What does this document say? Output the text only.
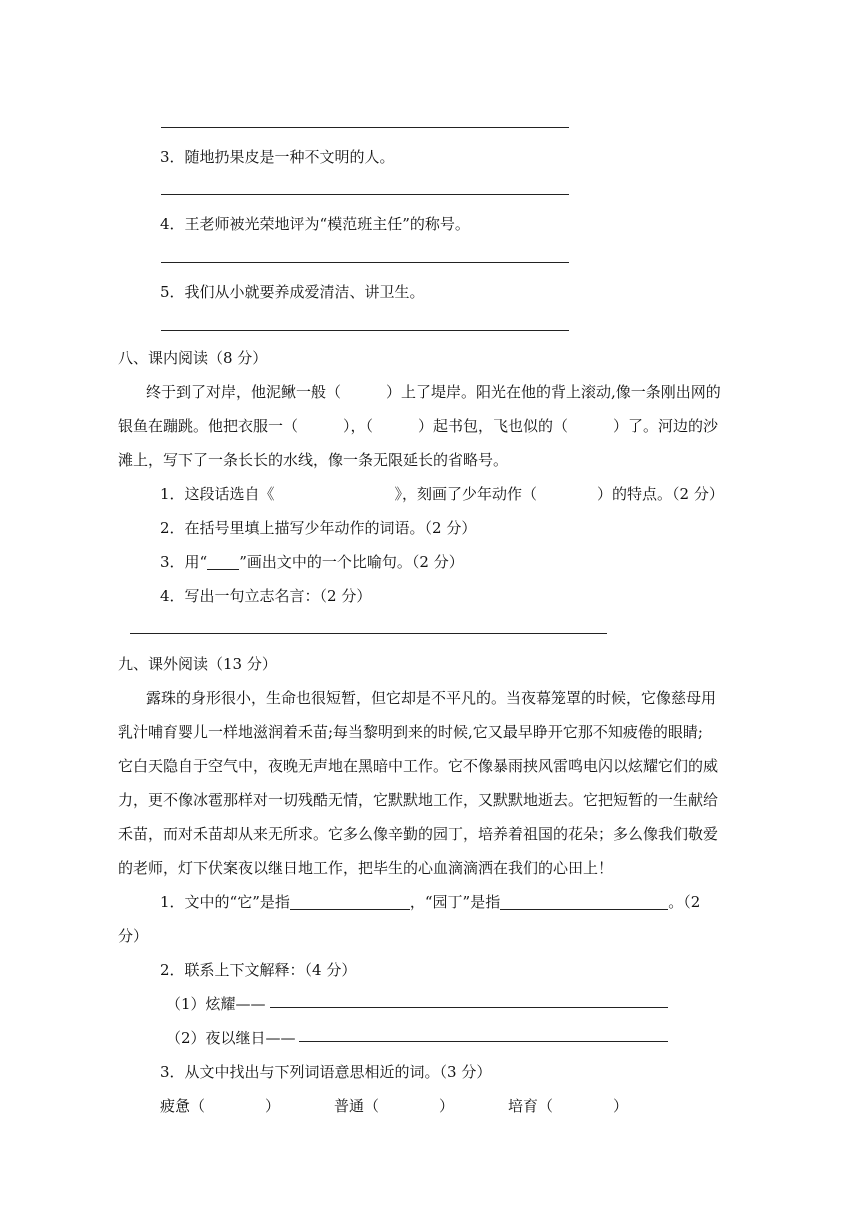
3．随地扔果皮是一种不文明的人。
4．王老师被光荣地评为“模范班主任”的称号。
5．我们从小就要养成爱清洁、讲卫生。
八、课内阅读（8 分）
终于到了对岸，他泥鳅一般（　　　）上了堤岸。阳光在他的背上滚动,像一条刚出网的
银鱼在蹦跳。他把衣服一（　　　），（　　　）起书包，飞也似的（　　　）了。河边的沙
滩上，写下了一条长长的水线，像一条无限延长的省略号。
1．这段话选自《　　　　　　　　》，刻画了少年动作（　　　　）的特点。（2 分）
2．在括号里填上描写少年动作的词语。（2 分）
3．用“ ”画出文中的一个比喻句。（2 分）
4．写出一句立志名言：（2 分）
九、课外阅读（13 分）
露珠的身形很小，生命也很短暂，但它却是不平凡的。当夜幕笼罩的时候，它像慈母用
乳汁哺育婴儿一样地滋润着禾苗;每当黎明到来的时候,它又最早睁开它那不知疲倦的眼睛;
它白天隐自于空气中，夜晚无声地在黑暗中工作。它不像暴雨挟风雷鸣电闪以炫耀它们的威
力，更不像冰雹那样对一切残酷无情，它默默地工作，又默默地逝去。它把短暂的一生献给
禾苗，而对禾苗却从来无所求。它多么像辛勤的园丁，培养着祖国的花朵；多么像我们敬爱
的老师，灯下伏案夜以继日地工作，把毕生的心血滴滴洒在我们的心田上！
1．文中的“它”是指	，“园丁”是指	。（2
分）
2．联系上下文解释：（4 分）
（1）炫耀——
（2）夜以继日——
3．从文中找出与下列词语意思相近的词。（3 分）
疲惫（　　　　）	普通（　　　　）	培育（　　　　）
